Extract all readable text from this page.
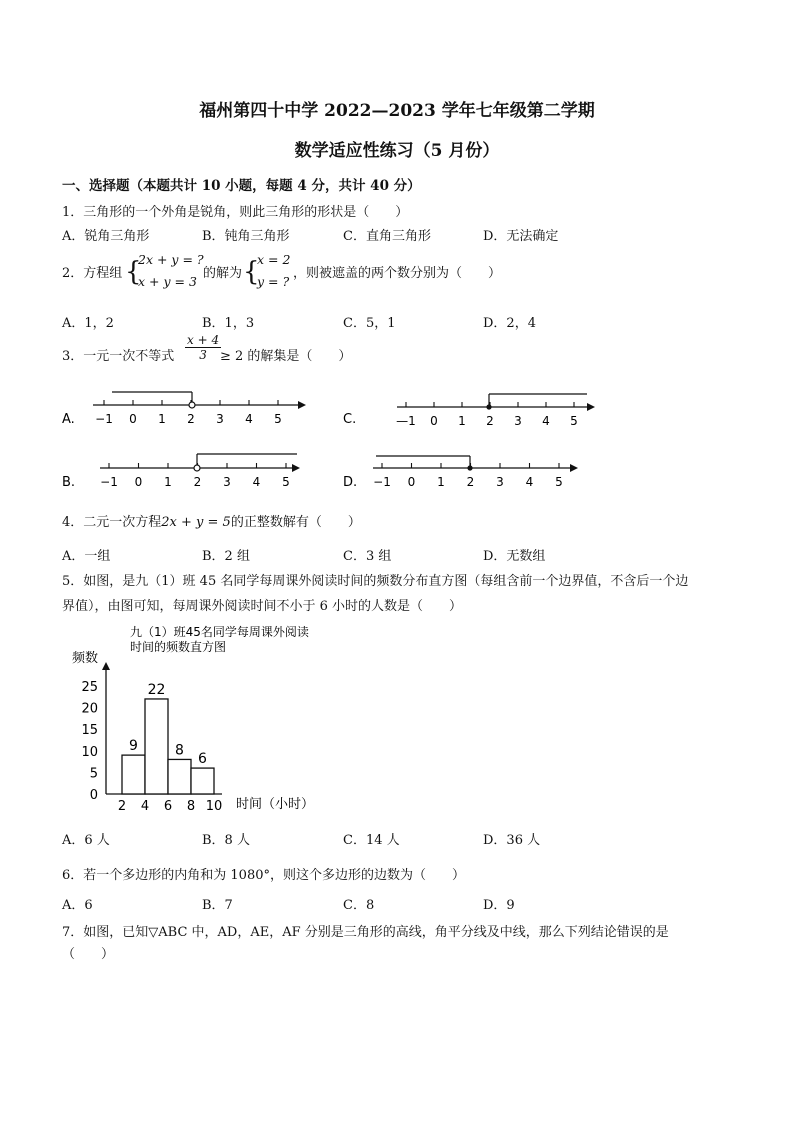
福州第四十中学 2022—2023 学年七年级第二学期
数学适应性练习（5 月份）
一、选择题（本题共计 10 小题，每题 4 分，共计 40 分）
1．三角形的一个外角是锐角，则此三角形的形状是（　　）
A．锐角三角形	B．钝角三角形	C．直角三角形	D．无法确定
2．方程组 {
2x + y = ?
x + y = 3
的解为 {
x = 2
y = ?
，则被遮盖的两个数分别为（　　）
A．1，2	B．1，3	C．5，1	D．2，4
3．一元一次不等式 $\frac{x + 4}{3}$
≥ 2 的解集是（　　）
A. −1 0 1 2 3 4 5	C.	—1 0 1 2 3 4 5
B. −1 0 1 2 3 4 5	D. −1 0 1 2 3 4 5
4．二元一次方程2x + y = 5的正整数解有（　　）
A．一组	B．2 组	C．3 组	D．无数组
5．如图，是九（1）班 45 名同学每周课外阅读时间的频数分布直方图（每组含前一个边界值，不含后一个边
界值），由图可知，每周课外阅读时间不小于 6 小时的人数是（　　）
九（1）班45名同学每周课外阅读
时间的频数直方图
频数
0
5
10
15
20
25
2 4 6 8 10
9
22
8
6
时间（小时）
A．6 人	B．8 人	C．14 人	D．36 人
6．若一个多边形的内角和为 1080°，则这个多边形的边数为（　　）
A．6	B．7	C．8	D．9
7．如图，已知▽ABC 中，AD，AE，AF 分别是三角形的高线，角平分线及中线，那么下列结论错误的是
（　　）
